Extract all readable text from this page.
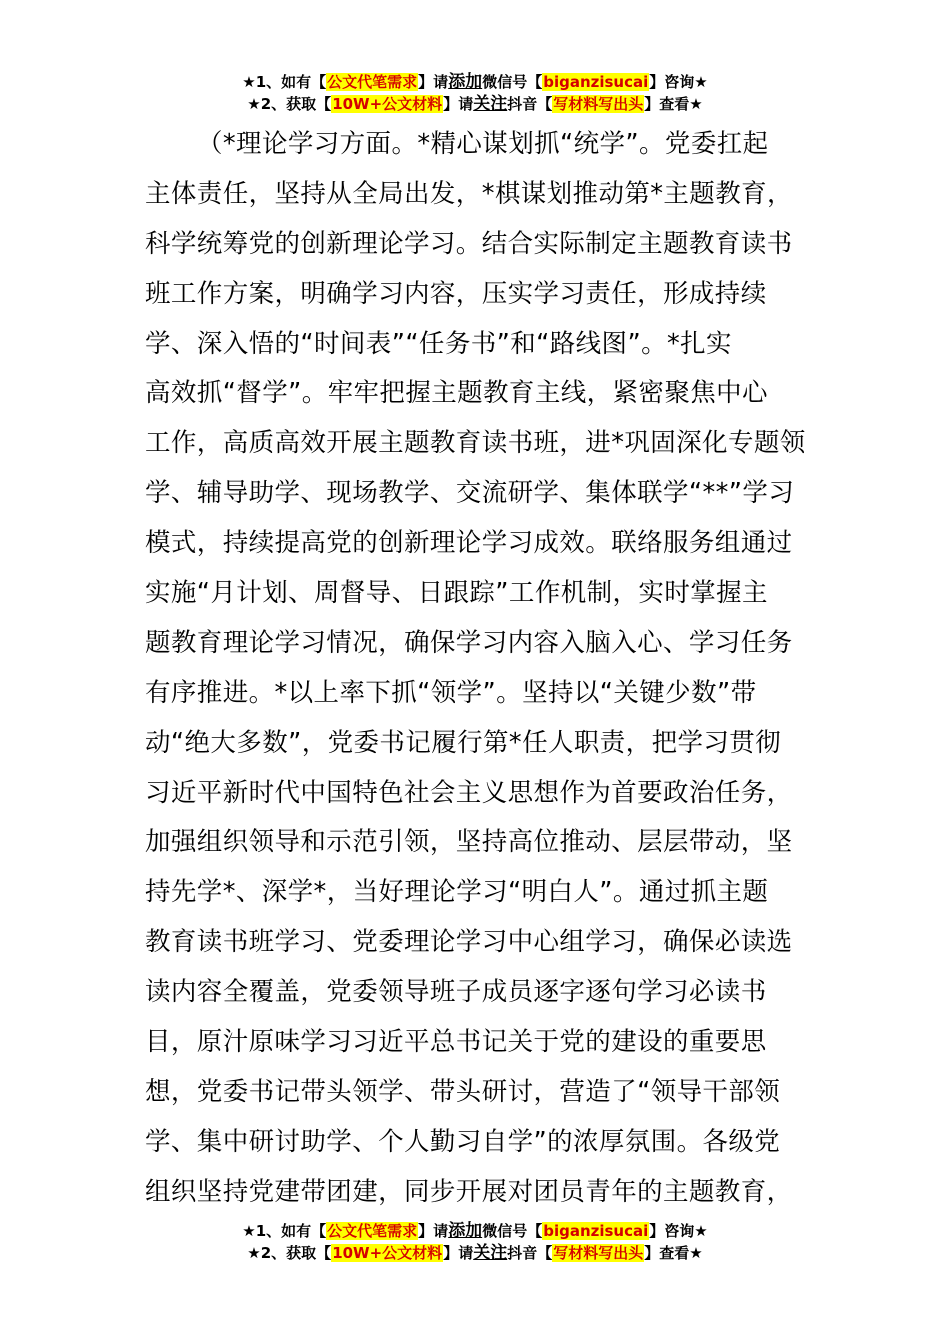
★1、如有【公文代笔需求】请添加微信号【biganzisucai】咨询★
★2、获取【10W+公文材料】请关注抖音【写材料写出头】查看★
（*理论学习方面。*精心谋划抓“统学”。党委扛起
主体责任，坚持从全局出发，*棋谋划推动第*主题教育，
科学统筹党的创新理论学习。结合实际制定主题教育读书
班工作方案，明确学习内容，压实学习责任，形成持续
学、深入悟的“时间表”“任务书”和“路线图”。*扎实
高效抓“督学”。牢牢把握主题教育主线，紧密聚焦中心
工作，高质高效开展主题教育读书班，进*巩固深化专题领
学、辅导助学、现场教学、交流研学、集体联学“**”学习
模式，持续提高党的创新理论学习成效。联络服务组通过
实施“月计划、周督导、日跟踪”工作机制，实时掌握主
题教育理论学习情况，确保学习内容入脑入心、学习任务
有序推进。*以上率下抓“领学”。坚持以“关键少数”带
动“绝大多数”，党委书记履行第*任人职责，把学习贯彻
习近平新时代中国特色社会主义思想作为首要政治任务，
加强组织领导和示范引领，坚持高位推动、层层带动，坚
持先学*、深学*，当好理论学习“明白人”。通过抓主题
教育读书班学习、党委理论学习中心组学习，确保必读选
读内容全覆盖，党委领导班子成员逐字逐句学习必读书
目，原汁原味学习习近平总书记关于党的建设的重要思
想，党委书记带头领学、带头研讨，营造了“领导干部领
学、集中研讨助学、个人勤习自学”的浓厚氛围。各级党
组织坚持党建带团建，同步开展对团员青年的主题教育，
★1、如有【公文代笔需求】请添加微信号【biganzisucai】咨询★
★2、获取【10W+公文材料】请关注抖音【写材料写出头】查看★
